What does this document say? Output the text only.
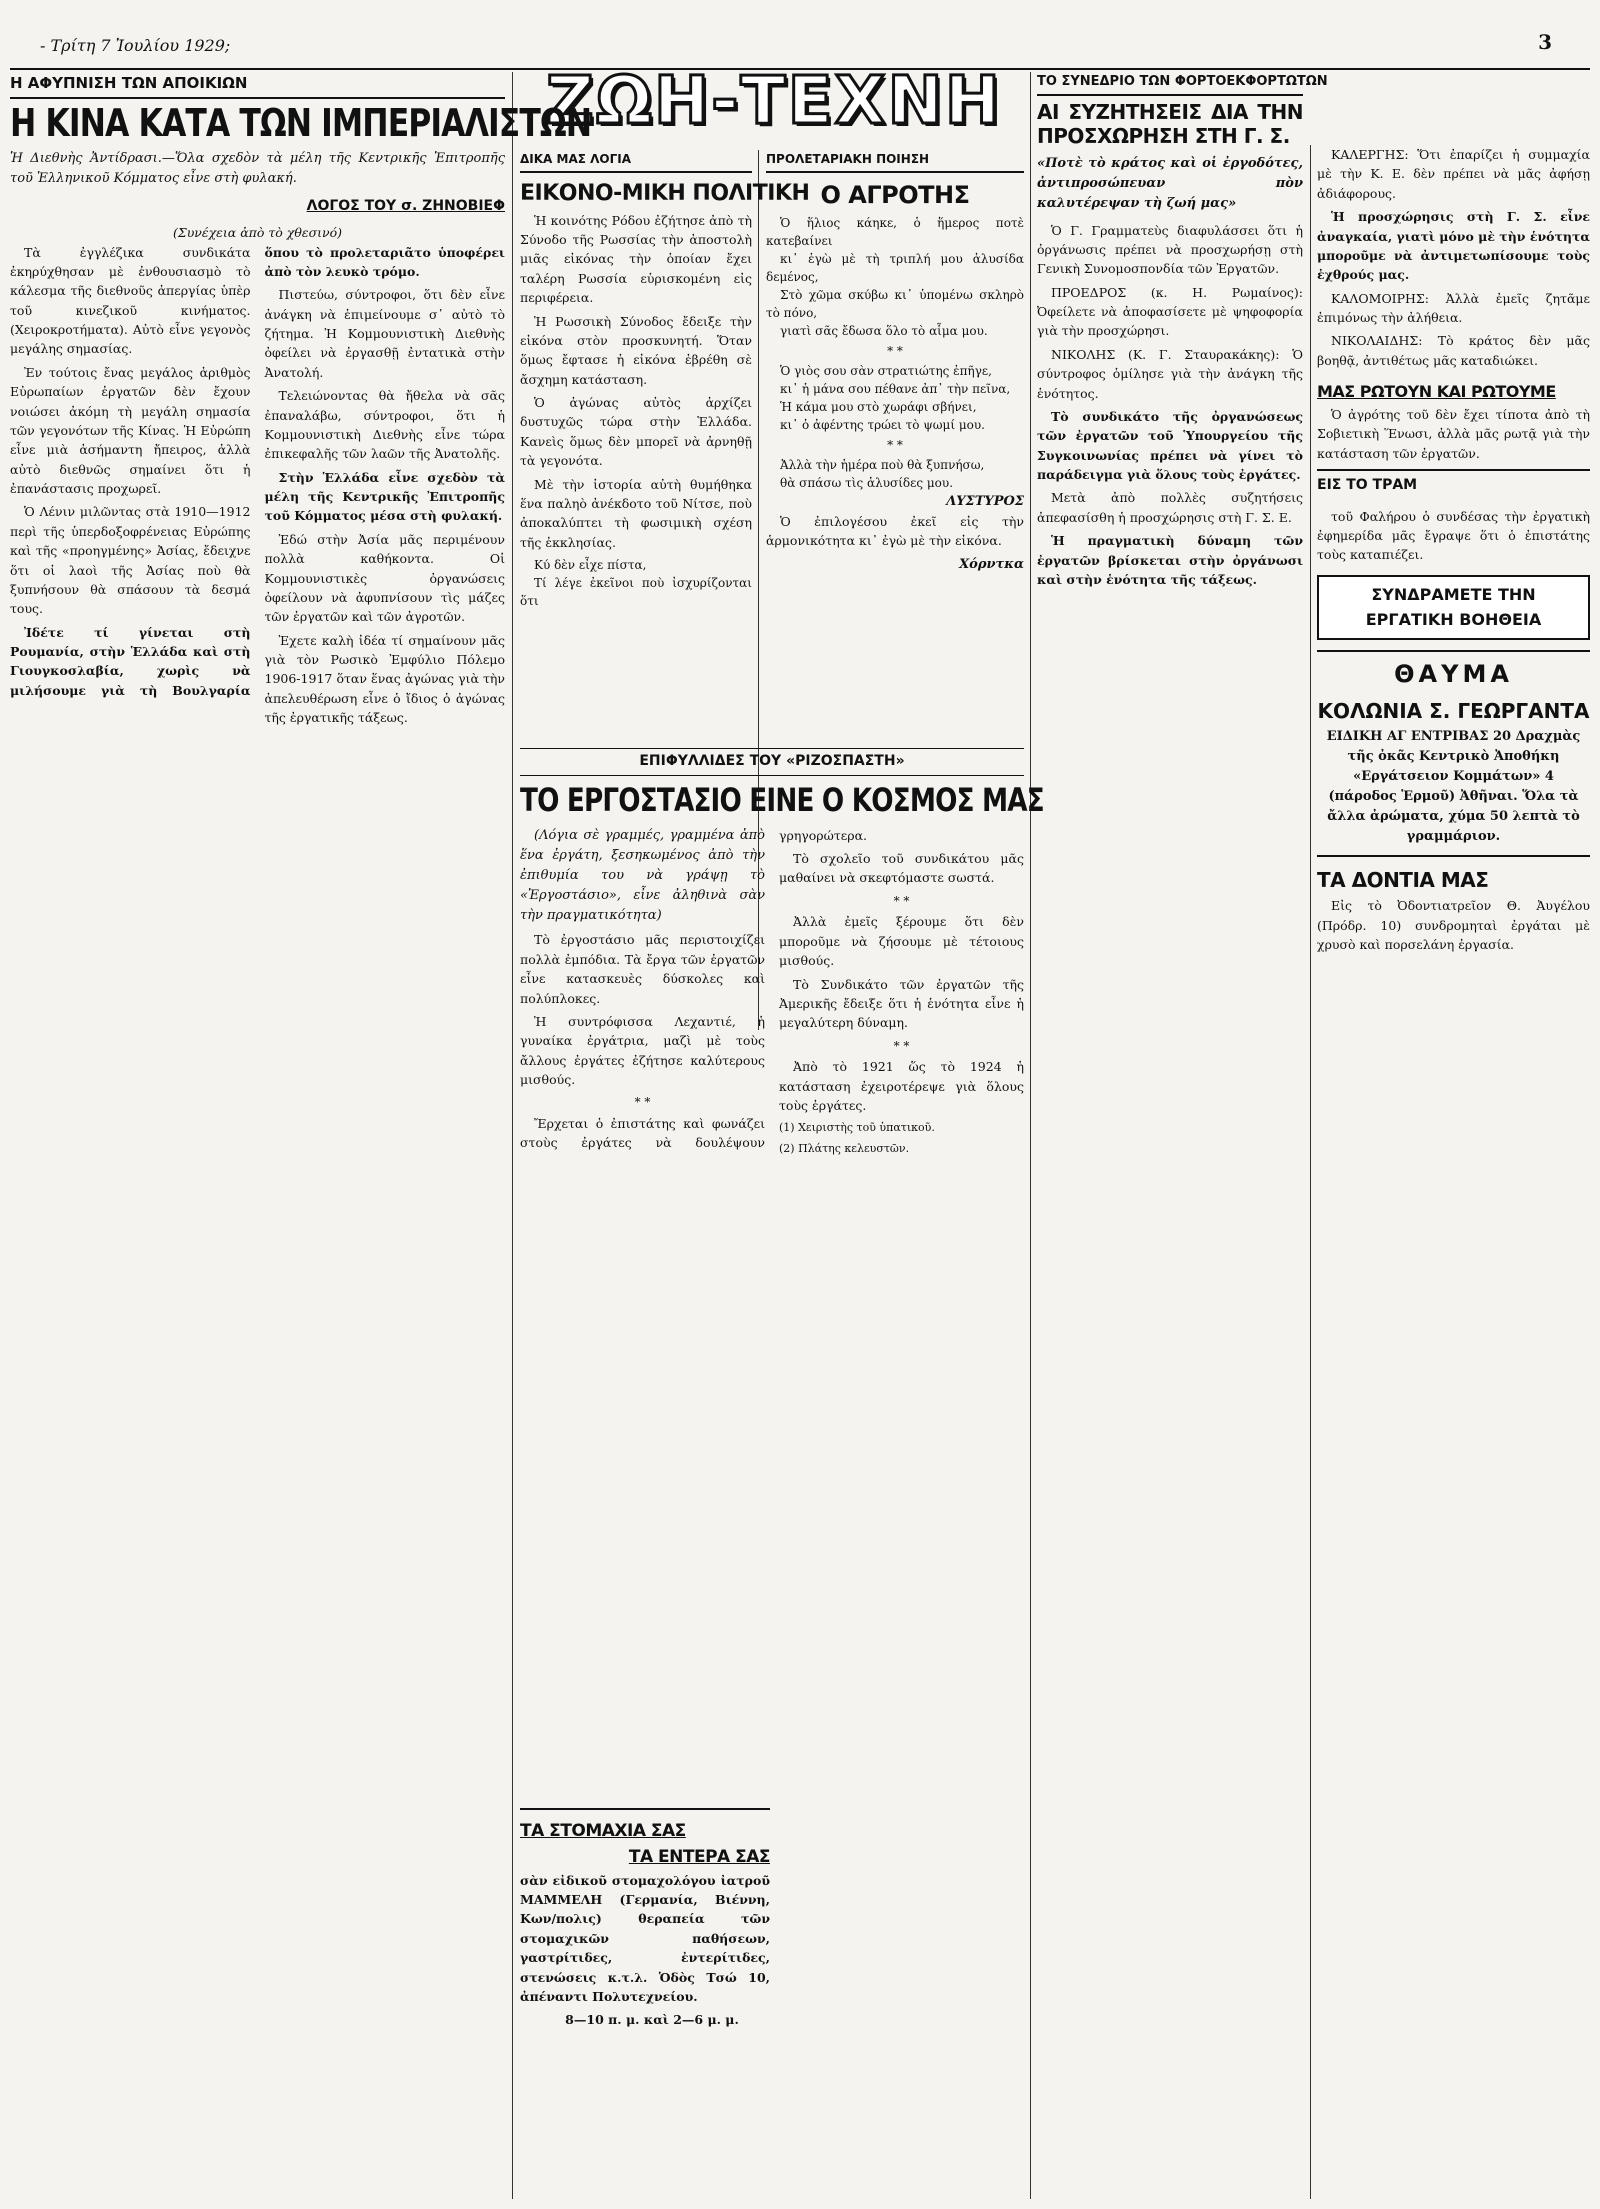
- Τρίτη 7 Ἰουλίου 1929;	3
ΖΩΗ-ΤΕΧΝΗ
Η ΑΦΥΠΝΙΣΗ ΤΩΝ ΑΠΟΙΚΙΩΝ
Η ΚΙΝΑ ΚΑΤΑ ΤΩΝ ΙΜΠΕΡΙΑΛΙΣΤΩΝ
Ἡ Διεθνὴς Ἀντίδρασι.—Ὅλα σχεδὸν τὰ μέλη τῆς Κεντρικῆς Ἐπιτροπῆς τοῦ Ἑλληνικοῦ Κόμματος εἶνε στὴ φυλακή.
ΛΟΓΟΣ ΤΟΥ σ. ΖΗΝΟΒΙΕΦ
(Συνέχεια ἀπὸ τὸ χθεσινό)

Τὰ ἐγγλέζικα συνδικάτα ἐκηρύχθησαν μὲ ἐνθουσιασμὸ τὸ κάλεσμα τῆς διεθνοῦς ἀπεργίας ὑπὲρ τοῦ κινεζικοῦ κινήματος. (Χειροκροτήματα). Αὐτὸ εἶνε γεγονὸς μεγάλης σημασίας.

Ἐν τούτοις ἔνας μεγάλος ἀριθμὸς Εὐρωπαίων ἐργατῶν δὲν ἔχουν νοιώσει ἀκόμη τὴ μεγάλη σημασία τῶν γεγονότων τῆς Κίνας. Ἡ Εὐρώπη εἶνε μιὰ ἀσήμαντη ἤπειρος, ἀλλὰ αὐτὸ διεθνῶς σημαίνει ὅτι ἡ ἐπανάστασις προχωρεῖ.

Ὁ Λένιν μιλῶντας στὰ 1910—1912 περὶ τῆς ὑπερδοξοφρένειας Εὐρώπης καὶ τῆς «προηγμένης» Ἀσίας, ἔδειχνε ὅτι οἱ λαοὶ τῆς Ἀσίας ποὺ θὰ ξυπνήσουν θὰ σπάσουν τὰ δεσμά τους.

Ἰδέτε τί γίνεται στὴ Ρουμανία, στὴν Ἑλλάδα καὶ στὴ Γιουγκοσλαβία, χωρὶς νὰ μιλήσουμε γιὰ τὴ Βουλγαρία ὅπου τὸ προλεταριᾶτο ὑποφέρει ἀπὸ τὸν λευκὸ τρόμο.

Πιστεύω, σύντροφοι, ὅτι δὲν εἶνε ἀνάγκη νὰ ἐπιμείνουμε σ᾿ αὐτὸ τὸ ζήτημα. Ἡ Κομμουνιστικὴ Διεθνὴς ὀφείλει νὰ ἐργασθῇ ἐντατικὰ στὴν Ἀνατολή.

Τελειώνοντας θὰ ἤθελα νὰ σᾶς ἐπαναλάβω, σύντροφοι, ὅτι ἡ Κομμουνιστικὴ Διεθνὴς εἶνε τώρα ἐπικεφαλῆς τῶν λαῶν τῆς Ἀνατολῆς.

Στὴν Ἑλλάδα εἶνε σχεδὸν τὰ μέλη τῆς Κεντρικῆς Ἐπιτροπῆς τοῦ Κόμματος μέσα στὴ φυλακή.

Ἐδώ στὴν Ἀσία μᾶς περιμένουν πολλὰ καθήκοντα. Οἱ Κομμουνιστικὲς ὀργανώσεις ὀφείλουν νὰ ἀφυπνίσουν τὶς μάζες τῶν ἐργατῶν καὶ τῶν ἀγροτῶν.

Ἐχετε καλὴ ἰδέα τί σημαίνουν μᾶς γιὰ τὸν Ρωσικὸ Ἐμφύλιο Πόλεμο 1906-1917 ὅταν ἕνας ἀγώνας γιὰ τὴν ἀπελευθέρωση εἶνε ὁ ἴδιος ὁ ἀγώνας τῆς ἐργατικῆς τάξεως.

ΔΙΚΑ ΜΑΣ ΛΟΓΙΑ
ΕΙΚΟΝΟ-ΜΙΚΗ ΠΟΛΙΤΙΚΗ

Ἡ κοινότης Ρόδου ἐζήτησε ἀπὸ τὴ Σύνοδο τῆς Ρωσσίας τὴν ἀποστολὴ μιᾶς εἰκόνας τὴν ὁποίαν ἔχει ταλέρη Ρωσσία εὑρισκομένη εἰς περιφέρεια.

Ἡ Ρωσσικὴ Σύνοδος ἔδειξε τὴν εἰκόνα στὸν προσκυνητή. Ὅταν ὅμως ἔφτασε ἡ εἰκόνα ἐβρέθη σὲ ἄσχημη κατάσταση.

Ὁ ἀγώνας αὐτὸς ἀρχίζει δυστυχῶς τώρα στὴν Ἑλλάδα. Κανεὶς ὅμως δὲν μπορεῖ νὰ ἀρνηθῇ τὰ γεγονότα.

Μὲ τὴν ἱστορία αὐτὴ θυμήθηκα ἕνα παληὸ ἀνέκδοτο τοῦ Νίτσε, ποὺ ἀποκαλύπτει τὴ φωσιμικὴ σχέση τῆς ἐκκλησίας.

Κύ δὲν εἶχε πίστα,

Τί λέγε ἐκεῖνοι ποὺ ἰσχυρίζονται ὅτι

ΠΡΟΛΕΤΑΡΙΑΚΗ ΠΟΙΗΣΗ
Ο ΑΓΡΟΤΗΣ

Ὁ ἥλιος κάηκε, ὁ ἥμερος ποτὲ κατεβαίνει

κι᾿ ἐγὼ μὲ τὴ τριπλή μου ἀλυσίδα δεμένος,

Στὸ χῶμα σκύβω κι᾿ ὑπομένω σκληρὸ τὸ πόνο,

γιατὶ σᾶς ἔδωσα ὅλο τὸ αἷμα μου.

* *

Ὁ γιὸς σου σὰν στρατιώτης ἐπῆγε,

κι᾿ ἡ μάνα σου πέθανε ἀπ᾿ τὴν πεῖνα,

Ἡ κάμα μου στὸ χωράφι σβήνει,

κι᾿ ὁ ἀφέντης τρώει τὸ ψωμί μου.

* *

Ἀλλὰ τὴν ἡμέρα ποὺ θὰ ξυπνήσω,

θὰ σπάσω τὶς ἁλυσίδες μου.

ΛΥΣΤΥΡΟΣ

Ὁ ἐπιλογέσου ἐκεῖ εἰς τὴν ἁρμονικότητα κι᾿ ἐγὼ μὲ τὴν εἰκόνα.

Χόρντκα
ΕΠΙΦΥΛΛΙΔΕΣ ΤΟΥ «ΡΙΖΟΣΠΑΣΤΗ»
ΤΟ ΕΡΓΟΣΤΑΣΙΟ ΕΙΝΕ Ο ΚΟΣΜΟΣ ΜΑΣ

(Λόγια σὲ γραμμές, γραμμένα ἀπὸ ἕνα ἐργάτη, ξεσηκωμένος ἀπὸ τὴν ἐπιθυμία του νὰ γράψῃ τὸ «Ἐργοστάσιο», εἶνε ἀληθινὰ σὰν τὴν πραγματικότητα)

Τὸ ἐργοστάσιο μᾶς περιστοιχίζει πολλὰ ἐμπόδια. Τὰ ἔργα τῶν ἐργατῶν εἶνε κατασκευὲς δύσκολες καὶ πολύπλοκες.

Ἡ συντρόφισσα Λεχαντιέ, ἡ γυναίκα ἐργάτρια, μαζὶ μὲ τοὺς ἄλλους ἐργάτες ἐζήτησε καλύτερους μισθούς.

* *

Ἔρχεται ὁ ἐπιστάτης καὶ φωνάζει στοὺς ἐργάτες νὰ δουλέψουν γρηγορώτερα.

Τὸ σχολεῖο τοῦ συνδικάτου μᾶς μαθαίνει νὰ σκεφτόμαστε σωστά.

* *

Ἀλλὰ ἐμεῖς ξέρουμε ὅτι δὲν μποροῦμε νὰ ζήσουμε μὲ τέτοιους μισθούς.

Τὸ Συνδικάτο τῶν ἐργατῶν τῆς Ἀμερικῆς ἔδειξε ὅτι ἡ ἑνότητα εἶνε ἡ μεγαλύτερη δύναμη.

* *

Ἀπὸ τὸ 1921 ὥς τὸ 1924 ἡ κατάσταση ἐχειροτέρεψε γιὰ ὅλους τοὺς ἐργάτες.

(1) Χειριστὴς τοῦ ὑπατικοῦ.

(2) Πλάτης κελευστῶν.

ΤΑ ΣΤΟΜΑΧΙΑ ΣΑΣ
ΤΑ ΕΝΤΕΡΑ ΣΑΣ

σὰν εἰδικοῦ στομαχολόγου ἰατροῦ ΜΑΜΜΕΛΗ (Γερμανία, Βιέννη, Κων/πολις) θεραπεία τῶν στομαχικῶν παθήσεων, γαστρίτιδες, ἐντερίτιδες, στενώσεις κ.τ.λ. Ὁδὸς Τσώ 10, ἀπέναντι Πολυτεχνείου.

8—10 π. μ. καὶ 2—6 μ. μ.

ΤΟ ΣΥΝΕΔΡΙΟ ΤΩΝ ΦΟΡΤΟΕΚΦΟΡΤΩΤΩΝ
ΑΙ ΣΥΖΗΤΗΣΕΙΣ ΔΙΑ ΤΗΝ ΠΡΟΣΧΩΡΗΣΗ ΣΤΗ Γ. Σ.
«Ποτὲ τὸ κράτος καὶ οἱ ἐργοδότες, ἀντιπροσώπευαν πὸν καλυτέρεψαν τὴ ζωή μας»

Ὁ Γ. Γραμματεὺς διαφυλάσσει ὅτι ἡ ὀργάνωσις πρέπει νὰ προσχωρήσῃ στὴ Γενικὴ Συνομοσπονδία τῶν Ἐργατῶν.

ΠΡΟΕΔΡΟΣ (κ. Η. Ρωμαίνος): Ὀφείλετε νὰ ἀποφασίσετε μὲ ψηφοφορία γιὰ τὴν προσχώρησι.

ΝΙΚΟΛΗΣ (Κ. Γ. Σταυρακάκης): Ὁ σύντροφος ὁμίλησε γιὰ τὴν ἀνάγκη τῆς ἑνότητος.

Τὸ συνδικάτο τῆς ὀργανώσεως τῶν ἐργατῶν τοῦ Ὑπουργείου τῆς Συγκοινωνίας πρέπει νὰ γίνει τὸ παράδειγμα γιὰ ὅλους τοὺς ἐργάτες.

Μετὰ ἀπὸ πολλὲς συζητήσεις ἀπεφασίσθη ἡ προσχώρησις στὴ Γ. Σ. Ε.

Ἡ πραγματικὴ δύναμη τῶν ἐργατῶν βρίσκεται στὴν ὀργάνωσι καὶ στὴν ἑνότητα τῆς τάξεως.

ΚΑΛΕΡΓΗΣ: Ὅτι ἐπαρίζει ἡ συμμαχία μὲ τὴν Κ. Ε. δὲν πρέπει νὰ μᾶς ἀφήσῃ ἀδιάφορους.

Ἡ προσχώρησις στὴ Γ. Σ. εἶνε ἀναγκαία, γιατὶ μόνο μὲ τὴν ἑνότητα μποροῦμε νὰ ἀντιμετωπίσουμε τοὺς ἐχθρούς μας.

ΚΑΛΟΜΟΙΡΗΣ: Ἀλλὰ ἐμεῖς ζητᾶμε ἐπιμόνως τὴν ἀλήθεια.

ΝΙΚΟΛΑΙΔΗΣ: Τὸ κράτος δὲν μᾶς βοηθᾷ, ἀντιθέτως μᾶς καταδιώκει.

ΜΑΣ ΡΩΤΟΥΝ ΚΑΙ ΡΩΤΟΥΜΕ

Ὁ ἀγρότης τοῦ δὲν ἔχει τίποτα ἀπὸ τὴ Σοβιετικὴ Ἕνωσι, ἀλλὰ μᾶς ρωτᾷ γιὰ τὴν κατάσταση τῶν ἐργατῶν.

ΕΙΣ ΤΟ ΤΡΑΜ

τοῦ Φαλήρου ὁ συνδέσας τὴν ἐργατικὴ ἐφημερίδα μᾶς ἔγραψε ὅτι ὁ ἐπιστάτης τοὺς καταπιέζει.

ΣΥΝΔΡΑΜΕΤΕ ΤΗΝ ΕΡΓΑΤΙΚΗ ΒΟΗΘΕΙΑ
ΘΑΥΜΑ
ΚΟΛΩΝΙΑ Σ. ΓΕΩΡΓΑΝΤΑ
ΕΙΔΙΚΗ ΑΓ ΕΝΤΡΙΒΑΣ 20 Δραχμὰς τῆς ὀκᾶς Κεντρικὸ Ἀποθήκη «Εργάτσειον Κομμάτων» 4 (πάροδος Ἑρμοῦ) Ἀθῆναι. Ὅλα τὰ ἄλλα ἀρώματα, χύμα 50 λεπτὰ τὸ γραμμάριον.
ΤΑ ΔΟΝΤΙΑ ΜΑΣ

Εἰς τὸ Ὀδοντιατρεῖον Θ. Ἀυγέλου (Πρόδρ. 10) συνδρομηταὶ ἐργάται μὲ χρυσὸ καὶ πορσελάνη ἐργασία.
